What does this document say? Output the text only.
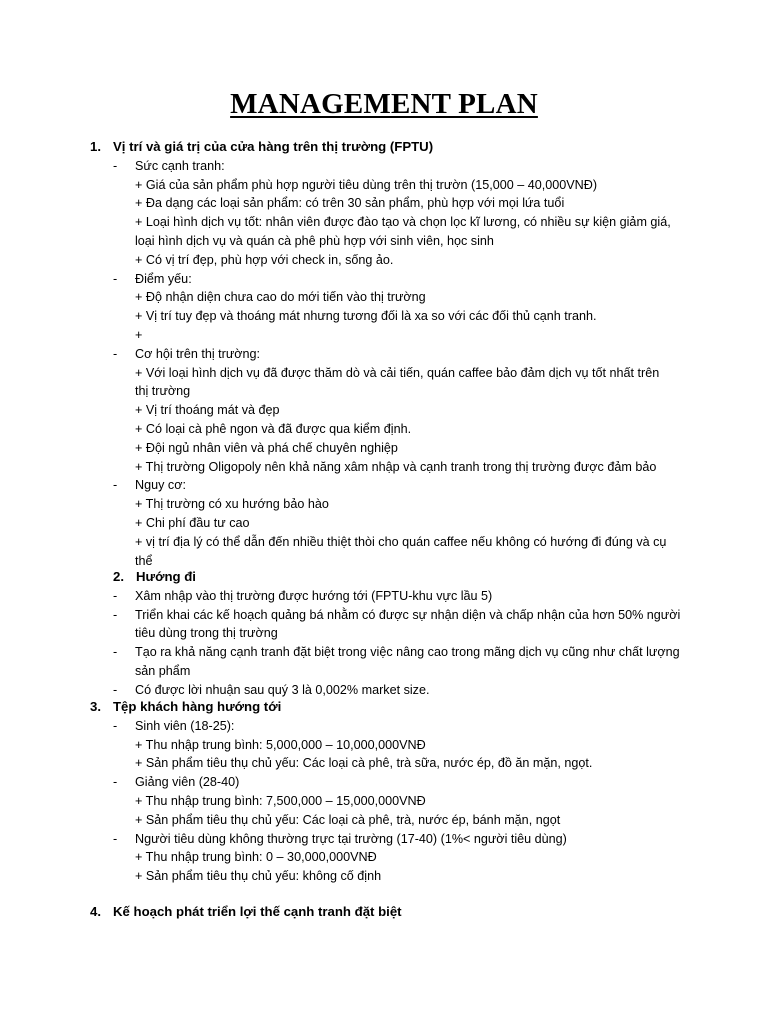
MANAGEMENT PLAN
1. Vị trí và giá trị của cửa hàng trên thị trường (FPTU)
- Sức cạnh tranh:
+ Giá của sản phẩm phù hợp người tiêu dùng trên thị trườn (15,000 – 40,000VNĐ)
+ Đa dạng các loại sản phẩm: có trên 30 sản phẩm, phù hợp với mọi lứa tuổi
+ Loại hình dịch vụ tốt: nhân viên được đào tạo và chọn lọc kĩ lương, có nhiều sự kiện giảm giá,
loại hình dịch vụ và quán cà phê phù hợp với sinh viên, học sinh
+ Có vị trí đẹp, phù hợp với check in, sống ảo.
- Điểm yếu:
+ Độ nhận diện chưa cao do mới tiến vào thị trường
+ Vị trí tuy đẹp và thoáng mát nhưng tương đối là xa so với các đối thủ cạnh tranh.
+
- Cơ hội trên thị trường:
+ Với loại hình dịch vụ đã được thăm dò và cải tiến, quán caffee bảo đảm dịch vụ tốt nhất trên
thị trường
+ Vị trí thoáng mát và đẹp
+ Có loại cà phê ngon và đã được qua kiểm định.
+ Đội ngủ nhân viên và phá chế chuyên nghiệp
+ Thị trường Oligopoly nên khả năng xâm nhập và cạnh tranh trong thị trường được đảm bảo
- Nguy cơ:
+ Thị trường có xu hướng bảo hào
+ Chi phí đầu tư cao
+ vị trí địa lý có thể dẫn đến nhiều thiệt thòi cho quán caffee nếu không có hướng đi đúng và cụ
thể
2. Hướng đi
- Xâm nhập vào thị trường được hướng tới (FPTU-khu vực lầu 5)
- Triển khai các kế hoạch quảng bá nhằm có được sự nhận diện và chấp nhận của hơn 50% người
tiêu dùng trong thị trường
- Tạo ra khả năng cạnh tranh đặt biệt trong việc nâng cao trong mãng dịch vụ cũng như chất lượng
sản phẩm
- Có được lời nhuận sau quý 3 là 0,002% market size.
3. Tệp khách hàng hướng tới
- Sinh viên (18-25):
+ Thu nhập trung bình: 5,000,000 – 10,000,000VNĐ
+ Sản phẩm tiêu thụ chủ yếu: Các loại cà phê, trà sữa, nước ép, đồ ăn mặn, ngọt.
- Giảng viên (28-40)
+ Thu nhập trung bình: 7,500,000 – 15,000,000VNĐ
+ Sản phẩm tiêu thụ chủ yếu: Các loại cà phê, trà, nước ép, bánh mặn, ngọt
- Người tiêu dùng không thường trực tại trường (17-40) (1%< người tiêu dùng)
+ Thu nhập trung bình: 0 – 30,000,000VNĐ
+ Sản phẩm tiêu thụ chủ yếu: không cố định
4. Kế hoạch phát triển lợi thế cạnh tranh đặt biệt
